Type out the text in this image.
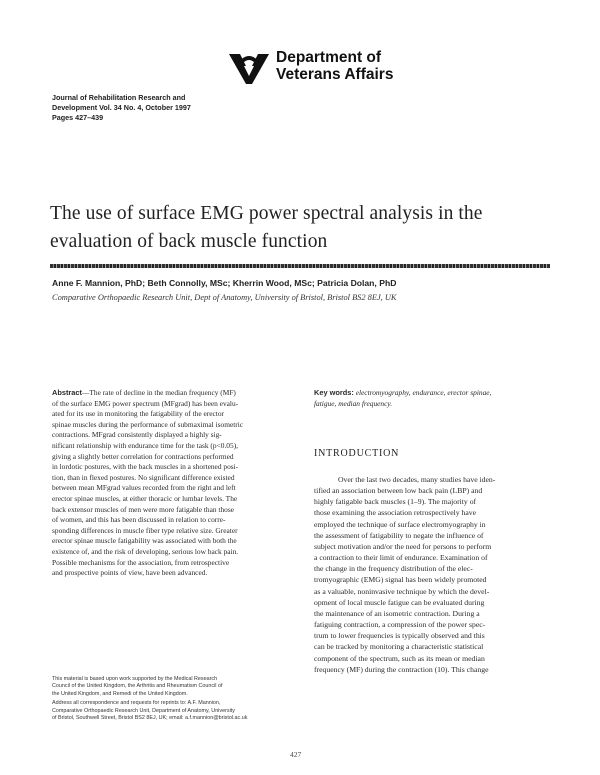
Department of
Veterans Affairs
Journal of Rehabilitation Research and
Development Vol. 34 No. 4, October 1997
Pages 427–439
The use of surface EMG power spectral analysis in the
evaluation of back muscle function
Anne F. Mannion, PhD; Beth Connolly, MSc; Kherrin Wood, MSc; Patricia Dolan, PhD
Comparative Orthopaedic Research Unit, Dept of Anatomy, University of Bristol, Bristol BS2 8EJ, UK
Abstract—The rate of decline in the median frequency (MF)
of the surface EMG power spectrum (MFgrad) has been evalu-
ated for its use in monitoring the fatigability of the erector
spinae muscles during the performance of submaximal isometric
contractions. MFgrad consistently displayed a highly sig-
nificant relationship with endurance time for the task (p<0.05),
giving a slightly better correlation for contractions performed
in lordotic postures, with the back muscles in a shortened posi-
tion, than in flexed postures. No significant difference existed
between mean MFgrad values recorded from the right and left
erector spinae muscles, at either thoracic or lumbar levels. The
back extensor muscles of men were more fatigable than those
of women, and this has been discussed in relation to corre-
sponding differences in muscle fiber type relative size. Greater
erector spinae muscle fatigability was associated with both the
existence of, and the risk of developing, serious low back pain.
Possible mechanisms for the association, from retrospective
and prospective points of view, have been advanced.
Key words: electromyography, endurance, erector spinae,
fatigue, median frequency.
INTRODUCTION
Over the last two decades, many studies have iden-
tified an association between low back pain (LBP) and
highly fatigable back muscles (1–9). The majority of
those examining the association retrospectively have
employed the technique of surface electromyography in
the assessment of fatigability to negate the influence of
subject motivation and/or the need for persons to perform
a contraction to their limit of endurance. Examination of
the change in the frequency distribution of the elec-
tromyographic (EMG) signal has been widely promoted
as a valuable, noninvasive technique by which the devel-
opment of local muscle fatigue can be evaluated during
the maintenance of an isometric contraction. During a
fatiguing contraction, a compression of the power spec-
trum to lower frequencies is typically observed and this
can be tracked by monitoring a characteristic statistical
component of the spectrum, such as its mean or median
frequency (MF) during the contraction (10). This change
This material is based upon work supported by the Medical Research
Council of the United Kingdom, the Arthritis and Rheumatism Council of
the United Kingdom, and Remedi of the United Kingdom.
Address all correspondence and requests for reprints to: A.F. Mannion,
Comparative Orthopaedic Research Unit, Department of Anatomy, University
of Bristol, Southwell Street, Bristol BS2 8EJ, UK; email: a.f.mannion@bristol.ac.uk
427
